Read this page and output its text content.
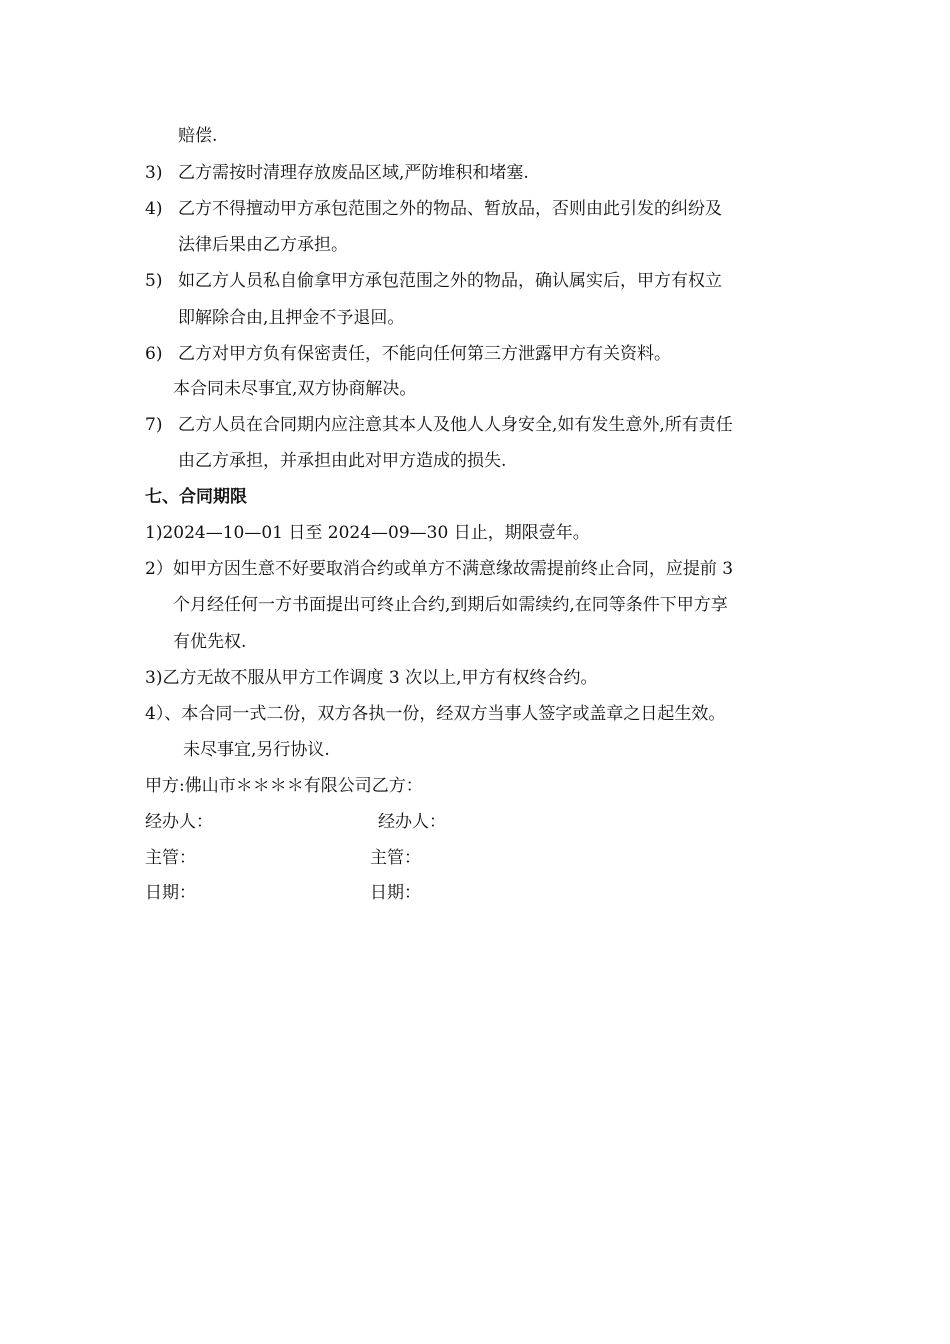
赔偿.
3) 乙方需按时清理存放废品区域,严防堆积和堵塞.
4) 乙方不得擅动甲方承包范围之外的物品、暂放品，否则由此引发的纠纷及
法律后果由乙方承担。
5) 如乙方人员私自偷拿甲方承包范围之外的物品，确认属实后，甲方有权立
即解除合由,且押金不予退回。
6) 乙方对甲方负有保密责任，不能向任何第三方泄露甲方有关资料。
本合同未尽事宜,双方协商解决。
7) 乙方人员在合同期内应注意其本人及他人人身安全,如有发生意外,所有责任
由乙方承担，并承担由此对甲方造成的损失.
七、合同期限
1)2024—10—01 日至 2024—09—30 日止，期限壹年。
2）如甲方因生意不好要取消合约或单方不满意缘故需提前终止合同，应提前 3
个月经任何一方书面提出可终止合约,到期后如需续约,在同等条件下甲方享
有优先权.
3)乙方无故不服从甲方工作调度 3 次以上,甲方有权终合约。
4）、本合同一式二份，双方各执一份，经双方当事人签字或盖章之日起生效。
未尽事宜,另行协议.
甲方:佛山市＊＊＊＊有限公司乙方：
经办人：	经办人：
主管：	主管：
日期：	日期：
